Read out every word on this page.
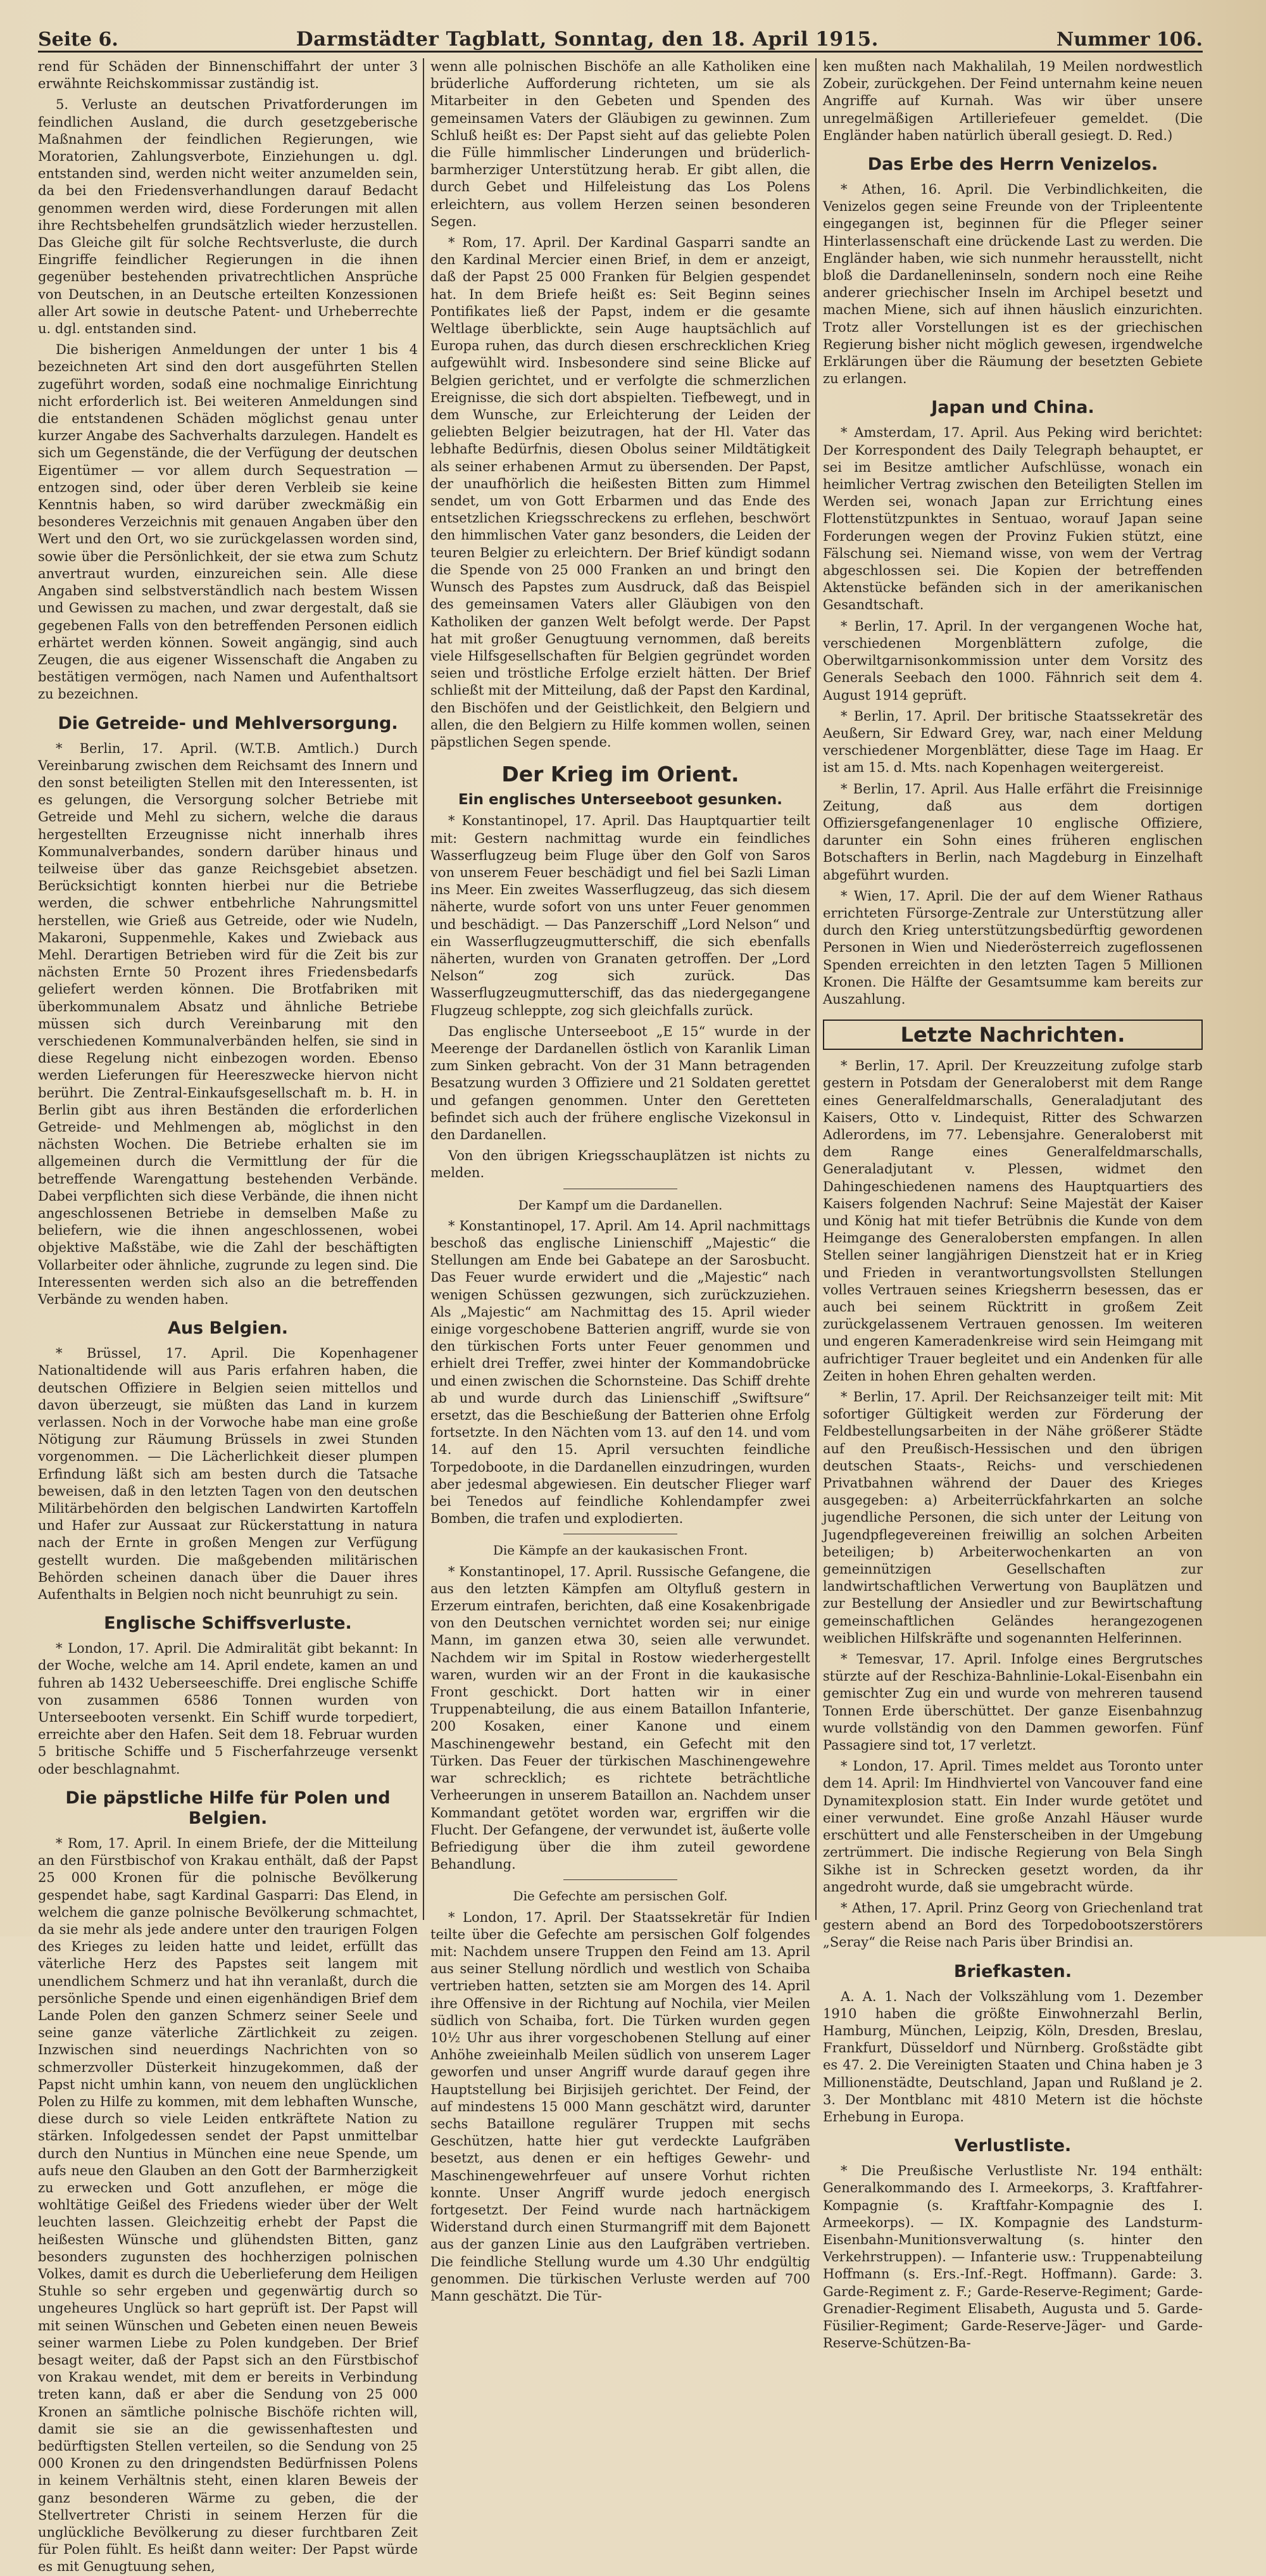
Seite 6.	Darmstädter Tagblatt, Sonntag, den 18. April 1915.	Nummer 106.

rend für Schäden der Binnenschiffahrt der unter 3 erwähnte Reichskommissar zuständig ist.

5. Verluste an deutschen Privatforderungen im feindlichen Ausland, die durch gesetzgeberische Maßnahmen der feindlichen Regierungen, wie Moratorien, Zahlungsverbote, Einziehungen u. dgl. entstanden sind, werden nicht weiter anzumelden sein, da bei den Friedensverhandlungen darauf Bedacht genommen werden wird, diese Forderungen mit allen ihre Rechtsbehelfen grundsätzlich wieder herzustellen. Das Gleiche gilt für solche Rechtsverluste, die durch Eingriffe feindlicher Regierungen in die ihnen gegenüber bestehenden privatrechtlichen Ansprüche von Deutschen, in an Deutsche erteilten Konzessionen aller Art sowie in deutsche Patent- und Urheberrechte u. dgl. entstanden sind.

Die bisherigen Anmeldungen der unter 1 bis 4 bezeichneten Art sind den dort ausgeführten Stellen zugeführt worden, sodaß eine nochmalige Einrichtung nicht erforderlich ist. Bei weiteren Anmeldungen sind die entstandenen Schäden möglichst genau unter kurzer Angabe des Sachverhalts darzulegen. Handelt es sich um Gegenstände, die der Verfügung der deutschen Eigentümer — vor allem durch Sequestration — entzogen sind, oder über deren Verbleib sie keine Kenntnis haben, so wird darüber zweckmäßig ein besonderes Verzeichnis mit genauen Angaben über den Wert und den Ort, wo sie zurückgelassen worden sind, sowie über die Persönlichkeit, der sie etwa zum Schutz anvertraut wurden, einzureichen sein. Alle diese Angaben sind selbstverständlich nach bestem Wissen und Gewissen zu machen, und zwar dergestalt, daß sie gegebenen Falls von den betreffenden Personen eidlich erhärtet werden können. Soweit angängig, sind auch Zeugen, die aus eigener Wissenschaft die Angaben zu bestätigen vermögen, nach Namen und Aufenthaltsort zu bezeichnen.

Die Getreide- und Mehlversorgung.

* Berlin, 17. April. (W.T.B. Amtlich.) Durch Vereinbarung zwischen dem Reichsamt des Innern und den sonst beteiligten Stellen mit den Interessenten, ist es gelungen, die Versorgung solcher Betriebe mit Getreide und Mehl zu sichern, welche die daraus hergestellten Erzeugnisse nicht innerhalb ihres Kommunalverbandes, sondern darüber hinaus und teilweise über das ganze Reichsgebiet absetzen. Berücksichtigt konnten hierbei nur die Betriebe werden, die schwer entbehrliche Nahrungsmittel herstellen, wie Grieß aus Getreide, oder wie Nudeln, Makaroni, Suppenmehle, Kakes und Zwieback aus Mehl. Derartigen Betrieben wird für die Zeit bis zur nächsten Ernte 50 Prozent ihres Friedensbedarfs geliefert werden können. Die Brotfabriken mit überkommunalem Absatz und ähnliche Betriebe müssen sich durch Vereinbarung mit den verschiedenen Kommunalverbänden helfen, sie sind in diese Regelung nicht einbezogen worden. Ebenso werden Lieferungen für Heereszwecke hiervon nicht berührt. Die Zentral-Einkaufsgesellschaft m. b. H. in Berlin gibt aus ihren Beständen die erforderlichen Getreide- und Mehlmengen ab, möglichst in den nächsten Wochen. Die Betriebe erhalten sie im allgemeinen durch die Vermittlung der für die betreffende Warengattung bestehenden Verbände. Dabei verpflichten sich diese Verbände, die ihnen nicht angeschlossenen Betriebe in demselben Maße zu beliefern, wie die ihnen angeschlossenen, wobei objektive Maßstäbe, wie die Zahl der beschäftigten Vollarbeiter oder ähnliche, zugrunde zu legen sind. Die Interessenten werden sich also an die betreffenden Verbände zu wenden haben.

Aus Belgien.

* Brüssel, 17. April. Die Kopenhagener Nationaltidende will aus Paris erfahren haben, die deutschen Offiziere in Belgien seien mittellos und davon überzeugt, sie müßten das Land in kurzem verlassen. Noch in der Vorwoche habe man eine große Nötigung zur Räumung Brüssels in zwei Stunden vorgenommen. — Die Lächerlichkeit dieser plumpen Erfindung läßt sich am besten durch die Tatsache beweisen, daß in den letzten Tagen von den deutschen Militärbehörden den belgischen Landwirten Kartoffeln und Hafer zur Aussaat zur Rückerstattung in natura nach der Ernte in großen Mengen zur Verfügung gestellt wurden. Die maßgebenden militärischen Behörden scheinen danach über die Dauer ihres Aufenthalts in Belgien noch nicht beunruhigt zu sein.

Englische Schiffsverluste.

* London, 17. April. Die Admiralität gibt bekannt: In der Woche, welche am 14. April endete, kamen an und fuhren ab 1432 Ueberseeschiffe. Drei englische Schiffe von zusammen 6586 Tonnen wurden von Unterseebooten versenkt. Ein Schiff wurde torpediert, erreichte aber den Hafen. Seit dem 18. Februar wurden 5 britische Schiffe und 5 Fischerfahrzeuge versenkt oder beschlagnahmt.

Die päpstliche Hilfe für Polen und Belgien.

* Rom, 17. April. In einem Briefe, der die Mitteilung an den Fürstbischof von Krakau enthält, daß der Papst 25 000 Kronen für die polnische Bevölkerung gespendet habe, sagt Kardinal Gasparri: Das Elend, in welchem die ganze polnische Bevölkerung schmachtet, da sie mehr als jede andere unter den traurigen Folgen des Krieges zu leiden hatte und leidet, erfüllt das väterliche Herz des Papstes seit langem mit unendlichem Schmerz und hat ihn veranlaßt, durch die persönliche Spende und einen eigenhändigen Brief dem Lande Polen den ganzen Schmerz seiner Seele und seine ganze väterliche Zärtlichkeit zu zeigen. Inzwischen sind neuerdings Nachrichten von so schmerzvoller Düsterkeit hinzugekommen, daß der Papst nicht umhin kann, von neuem den unglücklichen Polen zu Hilfe zu kommen, mit dem lebhaften Wunsche, diese durch so viele Leiden entkräftete Nation zu stärken. Infolgedessen sendet der Papst unmittelbar durch den Nuntius in München eine neue Spende, um aufs neue den Glauben an den Gott der Barmherzigkeit zu erwecken und Gott anzuflehen, er möge die wohltätige Geißel des Friedens wieder über der Welt leuchten lassen. Gleichzeitig erhebt der Papst die heißesten Wünsche und glühendsten Bitten, ganz besonders zugunsten des hochherzigen polnischen Volkes, damit es durch die Ueberlieferung dem Heiligen Stuhle so sehr ergeben und gegenwärtig durch so ungeheures Unglück so hart geprüft ist. Der Papst will mit seinen Wünschen und Gebeten einen neuen Beweis seiner warmen Liebe zu Polen kundgeben. Der Brief besagt weiter, daß der Papst sich an den Fürstbischof von Krakau wendet, mit dem er bereits in Verbindung treten kann, daß er aber die Sendung von 25 000 Kronen an sämtliche polnische Bischöfe richten will, damit sie sie an die gewissenhaftesten und bedürftigsten Stellen verteilen, so die Sendung von 25 000 Kronen zu den dringendsten Bedürfnissen Polens in keinem Verhältnis steht, einen klaren Beweis der ganz besonderen Wärme zu geben, die der Stellvertreter Christi in seinem Herzen für die unglückliche Bevölkerung zu dieser furchtbaren Zeit für Polen fühlt. Es heißt dann weiter: Der Papst würde es mit Genugtuung sehen,

wenn alle polnischen Bischöfe an alle Katholiken eine brüderliche Aufforderung richteten, um sie als Mitarbeiter in den Gebeten und Spenden des gemeinsamen Vaters der Gläubigen zu gewinnen. Zum Schluß heißt es: Der Papst sieht auf das geliebte Polen die Fülle himmlischer Linderungen und brüderlich-barmherziger Unterstützung herab. Er gibt allen, die durch Gebet und Hilfeleistung das Los Polens erleichtern, aus vollem Herzen seinen besonderen Segen.

* Rom, 17. April. Der Kardinal Gasparri sandte an den Kardinal Mercier einen Brief, in dem er anzeigt, daß der Papst 25 000 Franken für Belgien gespendet hat. In dem Briefe heißt es: Seit Beginn seines Pontifikates ließ der Papst, indem er die gesamte Weltlage überblickte, sein Auge hauptsächlich auf Europa ruhen, das durch diesen erschrecklichen Krieg aufgewühlt wird. Insbesondere sind seine Blicke auf Belgien gerichtet, und er verfolgte die schmerzlichen Ereignisse, die sich dort abspielten. Tiefbewegt, und in dem Wunsche, zur Erleichterung der Leiden der geliebten Belgier beizutragen, hat der Hl. Vater das lebhafte Bedürfnis, diesen Obolus seiner Mildtätigkeit als seiner erhabenen Armut zu übersenden. Der Papst, der unaufhörlich die heißesten Bitten zum Himmel sendet, um von Gott Erbarmen und das Ende des entsetzlichen Kriegsschreckens zu erflehen, beschwört den himmlischen Vater ganz besonders, die Leiden der teuren Belgier zu erleichtern. Der Brief kündigt sodann die Spende von 25 000 Franken an und bringt den Wunsch des Papstes zum Ausdruck, daß das Beispiel des gemeinsamen Vaters aller Gläubigen von den Katholiken der ganzen Welt befolgt werde. Der Papst hat mit großer Genugtuung vernommen, daß bereits viele Hilfsgesellschaften für Belgien gegründet worden seien und tröstliche Erfolge erzielt hätten. Der Brief schließt mit der Mitteilung, daß der Papst den Kardinal, den Bischöfen und der Geistlichkeit, den Belgiern und allen, die den Belgiern zu Hilfe kommen wollen, seinen päpstlichen Segen spende.

Der Krieg im Orient.
Ein englisches Unterseeboot gesunken.

* Konstantinopel, 17. April. Das Hauptquartier teilt mit: Gestern nachmittag wurde ein feindliches Wasserflugzeug beim Fluge über den Golf von Saros von unserem Feuer beschädigt und fiel bei Sazli Liman ins Meer. Ein zweites Wasserflugzeug, das sich diesem näherte, wurde sofort von uns unter Feuer genommen und beschädigt. — Das Panzerschiff „Lord Nelson“ und ein Wasserflugzeugmutterschiff, die sich ebenfalls näherten, wurden von Granaten getroffen. Der „Lord Nelson“ zog sich zurück. Das Wasserflugzeugmutterschiff, das das niedergegangene Flugzeug schleppte, zog sich gleichfalls zurück.

Das englische Unterseeboot „E 15“ wurde in der Meerenge der Dardanellen östlich von Karanlik Liman zum Sinken gebracht. Von der 31 Mann betragenden Besatzung wurden 3 Offiziere und 21 Soldaten gerettet und gefangen genommen. Unter den Geretteten befindet sich auch der frühere englische Vizekonsul in den Dardanellen.

Von den übrigen Kriegsschauplätzen ist nichts zu melden.

Der Kampf um die Dardanellen.

* Konstantinopel, 17. April. Am 14. April nachmittags beschoß das englische Linienschiff „Majestic“ die Stellungen am Ende bei Gabatepe an der Sarosbucht. Das Feuer wurde erwidert und die „Majestic“ nach wenigen Schüssen gezwungen, sich zurückzuziehen. Als „Majestic“ am Nachmittag des 15. April wieder einige vorgeschobene Batterien angriff, wurde sie von den türkischen Forts unter Feuer genommen und erhielt drei Treffer, zwei hinter der Kommandobrücke und einen zwischen die Schornsteine. Das Schiff drehte ab und wurde durch das Linienschiff „Swiftsure“ ersetzt, das die Beschießung der Batterien ohne Erfolg fortsetzte. In den Nächten vom 13. auf den 14. und vom 14. auf den 15. April versuchten feindliche Torpedoboote, in die Dardanellen einzudringen, wurden aber jedesmal abgewiesen. Ein deutscher Flieger warf bei Tenedos auf feindliche Kohlendampfer zwei Bomben, die trafen und explodierten.

Die Kämpfe an der kaukasischen Front.

* Konstantinopel, 17. April. Russische Gefangene, die aus den letzten Kämpfen am Oltyfluß gestern in Erzerum eintrafen, berichten, daß eine Kosakenbrigade von den Deutschen vernichtet worden sei; nur einige Mann, im ganzen etwa 30, seien alle verwundet. Nachdem wir im Spital in Rostow wiederhergestellt waren, wurden wir an der Front in die kaukasische Front geschickt. Dort hatten wir in einer Truppenabteilung, die aus einem Bataillon Infanterie, 200 Kosaken, einer Kanone und einem Maschinengewehr bestand, ein Gefecht mit den Türken. Das Feuer der türkischen Maschinengewehre war schrecklich; es richtete beträchtliche Verheerungen in unserem Bataillon an. Nachdem unser Kommandant getötet worden war, ergriffen wir die Flucht. Der Gefangene, der verwundet ist, äußerte volle Befriedigung über die ihm zuteil gewordene Behandlung.

Die Gefechte am persischen Golf.

* London, 17. April. Der Staatssekretär für Indien teilte über die Gefechte am persischen Golf folgendes mit: Nachdem unsere Truppen den Feind am 13. April aus seiner Stellung nördlich und westlich von Schaiba vertrieben hatten, setzten sie am Morgen des 14. April ihre Offensive in der Richtung auf Nochila, vier Meilen südlich von Schaiba, fort. Die Türken wurden gegen 10½ Uhr aus ihrer vorgeschobenen Stellung auf einer Anhöhe zweieinhalb Meilen südlich von unserem Lager geworfen und unser Angriff wurde darauf gegen ihre Hauptstellung bei Birjisijeh gerichtet. Der Feind, der auf mindestens 15 000 Mann geschätzt wird, darunter sechs Bataillone regulärer Truppen mit sechs Geschützen, hatte hier gut verdeckte Laufgräben besetzt, aus denen er ein heftiges Gewehr- und Maschinengewehrfeuer auf unsere Vorhut richten konnte. Unser Angriff wurde jedoch energisch fortgesetzt. Der Feind wurde nach hartnäckigem Widerstand durch einen Sturmangriff mit dem Bajonett aus der ganzen Linie aus den Laufgräben vertrieben. Die feindliche Stellung wurde um 4.30 Uhr endgültig genommen. Die türkischen Verluste werden auf 700 Mann geschätzt. Die Tür-

ken mußten nach Makhalilah, 19 Meilen nordwestlich Zobeir, zurückgehen. Der Feind unternahm keine neuen Angriffe auf Kurnah. Was wir über unsere unregelmäßigen Artilleriefeuer gemeldet. (Die Engländer haben natürlich überall gesiegt. D. Red.)

Das Erbe des Herrn Venizelos.

* Athen, 16. April. Die Verbindlichkeiten, die Venizelos gegen seine Freunde von der Tripleentente eingegangen ist, beginnen für die Pfleger seiner Hinterlassenschaft eine drückende Last zu werden. Die Engländer haben, wie sich nunmehr herausstellt, nicht bloß die Dardanelleninseln, sondern noch eine Reihe anderer griechischer Inseln im Archipel besetzt und machen Miene, sich auf ihnen häuslich einzurichten. Trotz aller Vorstellungen ist es der griechischen Regierung bisher nicht möglich gewesen, irgendwelche Erklärungen über die Räumung der besetzten Gebiete zu erlangen.

Japan und China.

* Amsterdam, 17. April. Aus Peking wird berichtet: Der Korrespondent des Daily Telegraph behauptet, er sei im Besitze amtlicher Aufschlüsse, wonach ein heimlicher Vertrag zwischen den Beteiligten Stellen im Werden sei, wonach Japan zur Errichtung eines Flottenstützpunktes in Sentuao, worauf Japan seine Forderungen wegen der Provinz Fukien stützt, eine Fälschung sei. Niemand wisse, von wem der Vertrag abgeschlossen sei. Die Kopien der betreffenden Aktenstücke befänden sich in der amerikanischen Gesandtschaft.

* Berlin, 17. April. In der vergangenen Woche hat, verschiedenen Morgenblättern zufolge, die Oberwiltgarnisonkommission unter dem Vorsitz des Generals Seebach den 1000. Fähnrich seit dem 4. August 1914 geprüft.

* Berlin, 17. April. Der britische Staatssekretär des Aeußern, Sir Edward Grey, war, nach einer Meldung verschiedener Morgenblätter, diese Tage im Haag. Er ist am 15. d. Mts. nach Kopenhagen weitergereist.

* Berlin, 17. April. Aus Halle erfährt die Freisinnige Zeitung, daß aus dem dortigen Offiziersgefangenenlager 10 englische Offiziere, darunter ein Sohn eines früheren englischen Botschafters in Berlin, nach Magdeburg in Einzelhaft abgeführt wurden.

* Wien, 17. April. Die der auf dem Wiener Rathaus errichteten Fürsorge-Zentrale zur Unterstützung aller durch den Krieg unterstützungsbedürftig gewordenen Personen in Wien und Niederösterreich zugeflossenen Spenden erreichten in den letzten Tagen 5 Millionen Kronen. Die Hälfte der Gesamtsumme kam bereits zur Auszahlung.

Letzte Nachrichten.

* Berlin, 17. April. Der Kreuzzeitung zufolge starb gestern in Potsdam der Generaloberst mit dem Range eines Generalfeldmarschalls, Generaladjutant des Kaisers, Otto v. Lindequist, Ritter des Schwarzen Adlerordens, im 77. Lebensjahre. Generaloberst mit dem Range eines Generalfeldmarschalls, Generaladjutant v. Plessen, widmet den Dahingeschiedenen namens des Hauptquartiers des Kaisers folgenden Nachruf: Seine Majestät der Kaiser und König hat mit tiefer Betrübnis die Kunde von dem Heimgange des Generalobersten empfangen. In allen Stellen seiner langjährigen Dienstzeit hat er in Krieg und Frieden in verantwortungsvollsten Stellungen volles Vertrauen seines Kriegsherrn besessen, das er auch bei seinem Rücktritt in großem Zeit zurückgelassenem Vertrauen genossen. Im weiteren und engeren Kameradenkreise wird sein Heimgang mit aufrichtiger Trauer begleitet und ein Andenken für alle Zeiten in hohen Ehren gehalten werden.

* Berlin, 17. April. Der Reichsanzeiger teilt mit: Mit sofortiger Gültigkeit werden zur Förderung der Feldbestellungsarbeiten in der Nähe größerer Städte auf den Preußisch-Hessischen und den übrigen deutschen Staats-, Reichs- und verschiedenen Privatbahnen während der Dauer des Krieges ausgegeben: a) Arbeiterrückfahrkarten an solche jugendliche Personen, die sich unter der Leitung von Jugendpflegevereinen freiwillig an solchen Arbeiten beteiligen; b) Arbeiterwochenkarten an von gemeinnützigen Gesellschaften zur landwirtschaftlichen Verwertung von Bauplätzen und zur Bestellung der Ansiedler und zur Bewirtschaftung gemeinschaftlichen Geländes herangezogenen weiblichen Hilfskräfte und sogenannten Helferinnen.

* Temesvar, 17. April. Infolge eines Bergrutsches stürzte auf der Reschiza-Bahnlinie-Lokal-Eisenbahn ein gemischter Zug ein und wurde von mehreren tausend Tonnen Erde überschüttet. Der ganze Eisenbahnzug wurde vollständig von den Dammen geworfen. Fünf Passagiere sind tot, 17 verletzt.

* London, 17. April. Times meldet aus Toronto unter dem 14. April: Im Hindhviertel von Vancouver fand eine Dynamitexplosion statt. Ein Inder wurde getötet und einer verwundet. Eine große Anzahl Häuser wurde erschüttert und alle Fensterscheiben in der Umgebung zertrümmert. Die indische Regierung von Bela Singh Sikhe ist in Schrecken gesetzt worden, da ihr angedroht wurde, daß sie umgebracht würde.

* Athen, 17. April. Prinz Georg von Griechenland trat gestern abend an Bord des Torpedobootszerstörers „Seray“ die Reise nach Paris über Brindisi an.

Briefkasten.

A. A. 1. Nach der Volkszählung vom 1. Dezember 1910 haben die größte Einwohnerzahl Berlin, Hamburg, München, Leipzig, Köln, Dresden, Breslau, Frankfurt, Düsseldorf und Nürnberg. Großstädte gibt es 47. 2. Die Vereinigten Staaten und China haben je 3 Millionenstädte, Deutschland, Japan und Rußland je 2. 3. Der Montblanc mit 4810 Metern ist die höchste Erhebung in Europa.

Verlustliste.

* Die Preußische Verlustliste Nr. 194 enthält: Generalkommando des I. Armeekorps, 3. Kraftfahrer-Kompagnie (s. Kraftfahr-Kompagnie des I. Armeekorps). — IX. Kompagnie des Landsturm-Eisenbahn-Munitionsverwaltung (s. hinter den Verkehrstruppen). — Infanterie usw.: Truppenabteilung Hoffmann (s. Ers.-Inf.-Regt. Hoffmann). Garde: 3. Garde-Regiment z. F.; Garde-Reserve-Regiment; Garde-Grenadier-Regiment Elisabeth, Augusta und 5. Garde-Füsilier-Regiment; Garde-Reserve-Jäger- und Garde-Reserve-Schützen-Ba-
